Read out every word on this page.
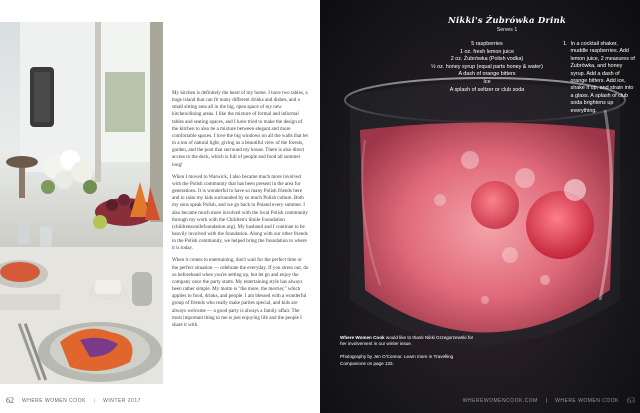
My kitchen is definitely the heart of my home. I have two tables, a huge island that can fit many different drinks and dishes, and a small sitting area all in the big, open space of my new kitchen/dining areas. I like the mixture of formal and informal tables and seating spaces, and I have tried to make the design of the kitchen to also be a mixture between elegant and more comfortable spaces. I love the big windows on all the walls that let in a ton of natural light, giving us a beautiful view of the forests, garden, and the pool that surround my house. There is also direct access to the deck, which is full of people and food all summer long!

When I moved to Warwick, I also became much more involved with the Polish community that has been present in the area for generations. It is wonderful to have so many Polish friends here and to raise my kids surrounded by so much Polish culture. Both my sons speak Polish, and we go back to Poland every summer. I also became much more involved with the local Polish community through my work with the Children's Smile Foundation (childrenssmilefoundation.org). My husband and I continue to be heavily involved with the foundation. Along with our other friends in the Polish community, we helped bring the foundation to where it is today.

When it comes to entertaining, don't wait for the perfect time or the perfect situation — celebrate the everyday. If you stress out, do so beforehand when you're setting up, but let go and enjoy the company once the party starts. My entertaining style has always been rather simple. My motto is "the more, the merrier," which applies to food, drinks, and people. I am blessed with a wonderful group of friends who really make parties special, and kids are always welcome — a good party is always a family affair. The most important thing to me is just enjoying life and the people I share it with.

62 WHERE WOMEN COOK | WINTER 2017
Nikki's Żubrówka Drink
Serves 1
5 raspberries
1 oz. fresh lemon juice
2 oz. Żubrówka (Polish vodka)
½ oz. honey syrup (equal parts honey & water)
A dash of orange bitters
Ice
A splash of seltzer or club soda
1. In a cocktail shaker, muddle raspberries. Add lemon juice, 2 measures of Żubrówka, and honey syrup. Add a dash of orange bitters. Add ice, shake it up, and strain into a glass. A splash of club soda brightens up everything.

Where Women Cook would like to thank Nikki Grzegorzewski for her involvement in our winter issue.

Photography by Jen O'Connor. Learn more in Travelling Companions on page 133.

WHEREWOMENCOOK.COM | WHERE WOMEN COOK 63
